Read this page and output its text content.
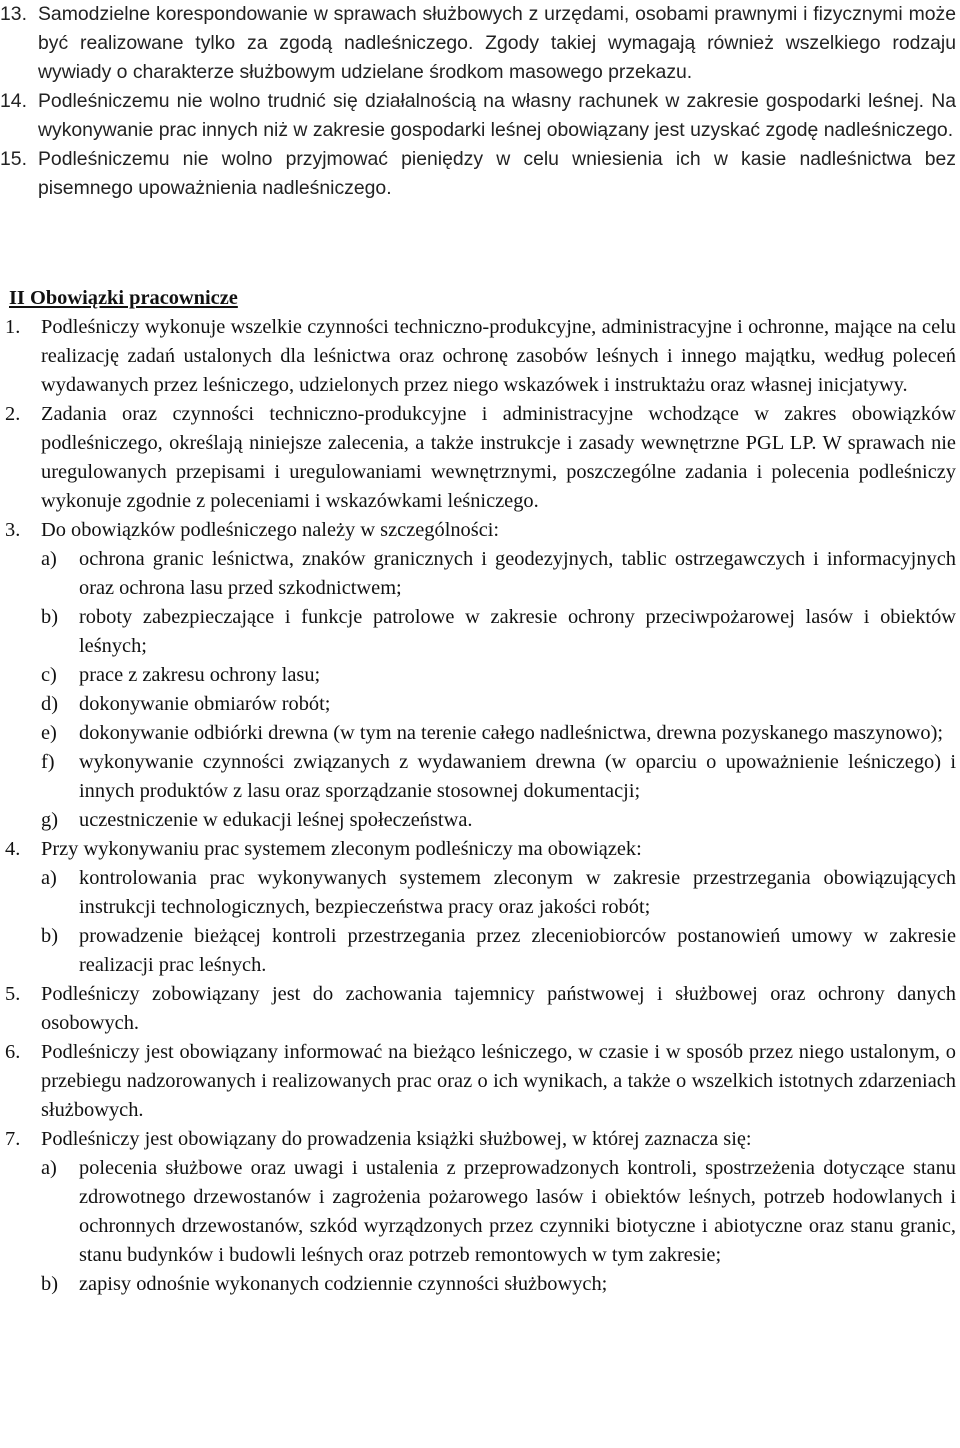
13. Samodzielne korespondowanie w sprawach służbowych z urzędami, osobami prawnymi i fizycznymi może być realizowane tylko za zgodą nadleśniczego. Zgody takiej wymagają również wszelkiego rodzaju wywiady o charakterze służbowym udzielane środkom masowego przekazu.
14. Podleśniczemu nie wolno trudnić się działalnością na własny rachunek w zakresie gospodarki leśnej. Na wykonywanie prac innych niż w zakresie gospodarki leśnej obowiązany jest uzyskać zgodę nadleśniczego.
15. Podleśniczemu nie wolno przyjmować pieniędzy w celu wniesienia ich w kasie nadleśnictwa bez pisemnego upoważnienia nadleśniczego.
II Obowiązki pracownicze
1.	Podleśniczy wykonuje wszelkie czynności techniczno-produkcyjne, administracyjne i ochronne, mające na celu realizację zadań ustalonych dla leśnictwa oraz ochronę zasobów leśnych i innego majątku, według poleceń wydawanych przez leśniczego, udzielonych przez niego wskazówek i instruktażu oraz własnej inicjatywy.
2.	Zadania oraz czynności techniczno-produkcyjne i administracyjne wchodzące w zakres obowiązków podleśniczego, określają niniejsze zalecenia, a także instrukcje i zasady wewnętrzne PGL LP. W sprawach nie uregulowanych przepisami i uregulowaniami wewnętrznymi, poszczególne zadania i polecenia podleśniczy wykonuje zgodnie z poleceniami i wskazówkami leśniczego.
3.	Do obowiązków podleśniczego należy w szczególności:
a)	ochrona granic leśnictwa, znaków granicznych i geodezyjnych, tablic ostrzegawczych i informacyjnych oraz ochrona lasu przed szkodnictwem;
b)	roboty zabezpieczające i funkcje patrolowe w zakresie ochrony przeciwpożarowej lasów i obiektów leśnych;
c)	prace z zakresu ochrony lasu;
d)	dokonywanie obmiarów robót;
e)	dokonywanie odbiórki drewna (w tym na terenie całego nadleśnictwa, drewna pozyskanego maszynowo);
f)	wykonywanie czynności związanych z wydawaniem drewna (w oparciu o upoważnienie leśniczego) i innych produktów z lasu oraz sporządzanie stosownej dokumentacji;
g)	uczestniczenie w edukacji leśnej społeczeństwa.
4.	Przy wykonywaniu prac systemem zleconym podleśniczy ma obowiązek:
a)	kontrolowania prac wykonywanych systemem zleconym w zakresie przestrzegania obowiązujących instrukcji technologicznych, bezpieczeństwa pracy oraz jakości robót;
b)	prowadzenie bieżącej kontroli przestrzegania przez zleceniobiorców postanowień umowy w zakresie realizacji prac leśnych.
5.	Podleśniczy zobowiązany jest do zachowania tajemnicy państwowej i służbowej oraz ochrony danych osobowych.
6.	Podleśniczy jest obowiązany informować na bieżąco leśniczego, w czasie i w sposób przez niego ustalonym, o przebiegu nadzorowanych i realizowanych prac oraz o ich wynikach, a także o wszelkich istotnych zdarzeniach służbowych.
7.	Podleśniczy jest obowiązany do prowadzenia książki służbowej, w której zaznacza się:
a)	polecenia służbowe oraz uwagi i ustalenia z przeprowadzonych kontroli, spostrzeżenia dotyczące stanu zdrowotnego drzewostanów i zagrożenia pożarowego lasów i obiektów leśnych, potrzeb hodowlanych i ochronnych drzewostanów, szkód wyrządzonych przez czynniki biotyczne i abiotyczne oraz stanu granic, stanu budynków i budowli leśnych oraz potrzeb remontowych w tym zakresie;
b)	zapisy odnośnie wykonanych codziennie czynności służbowych;
